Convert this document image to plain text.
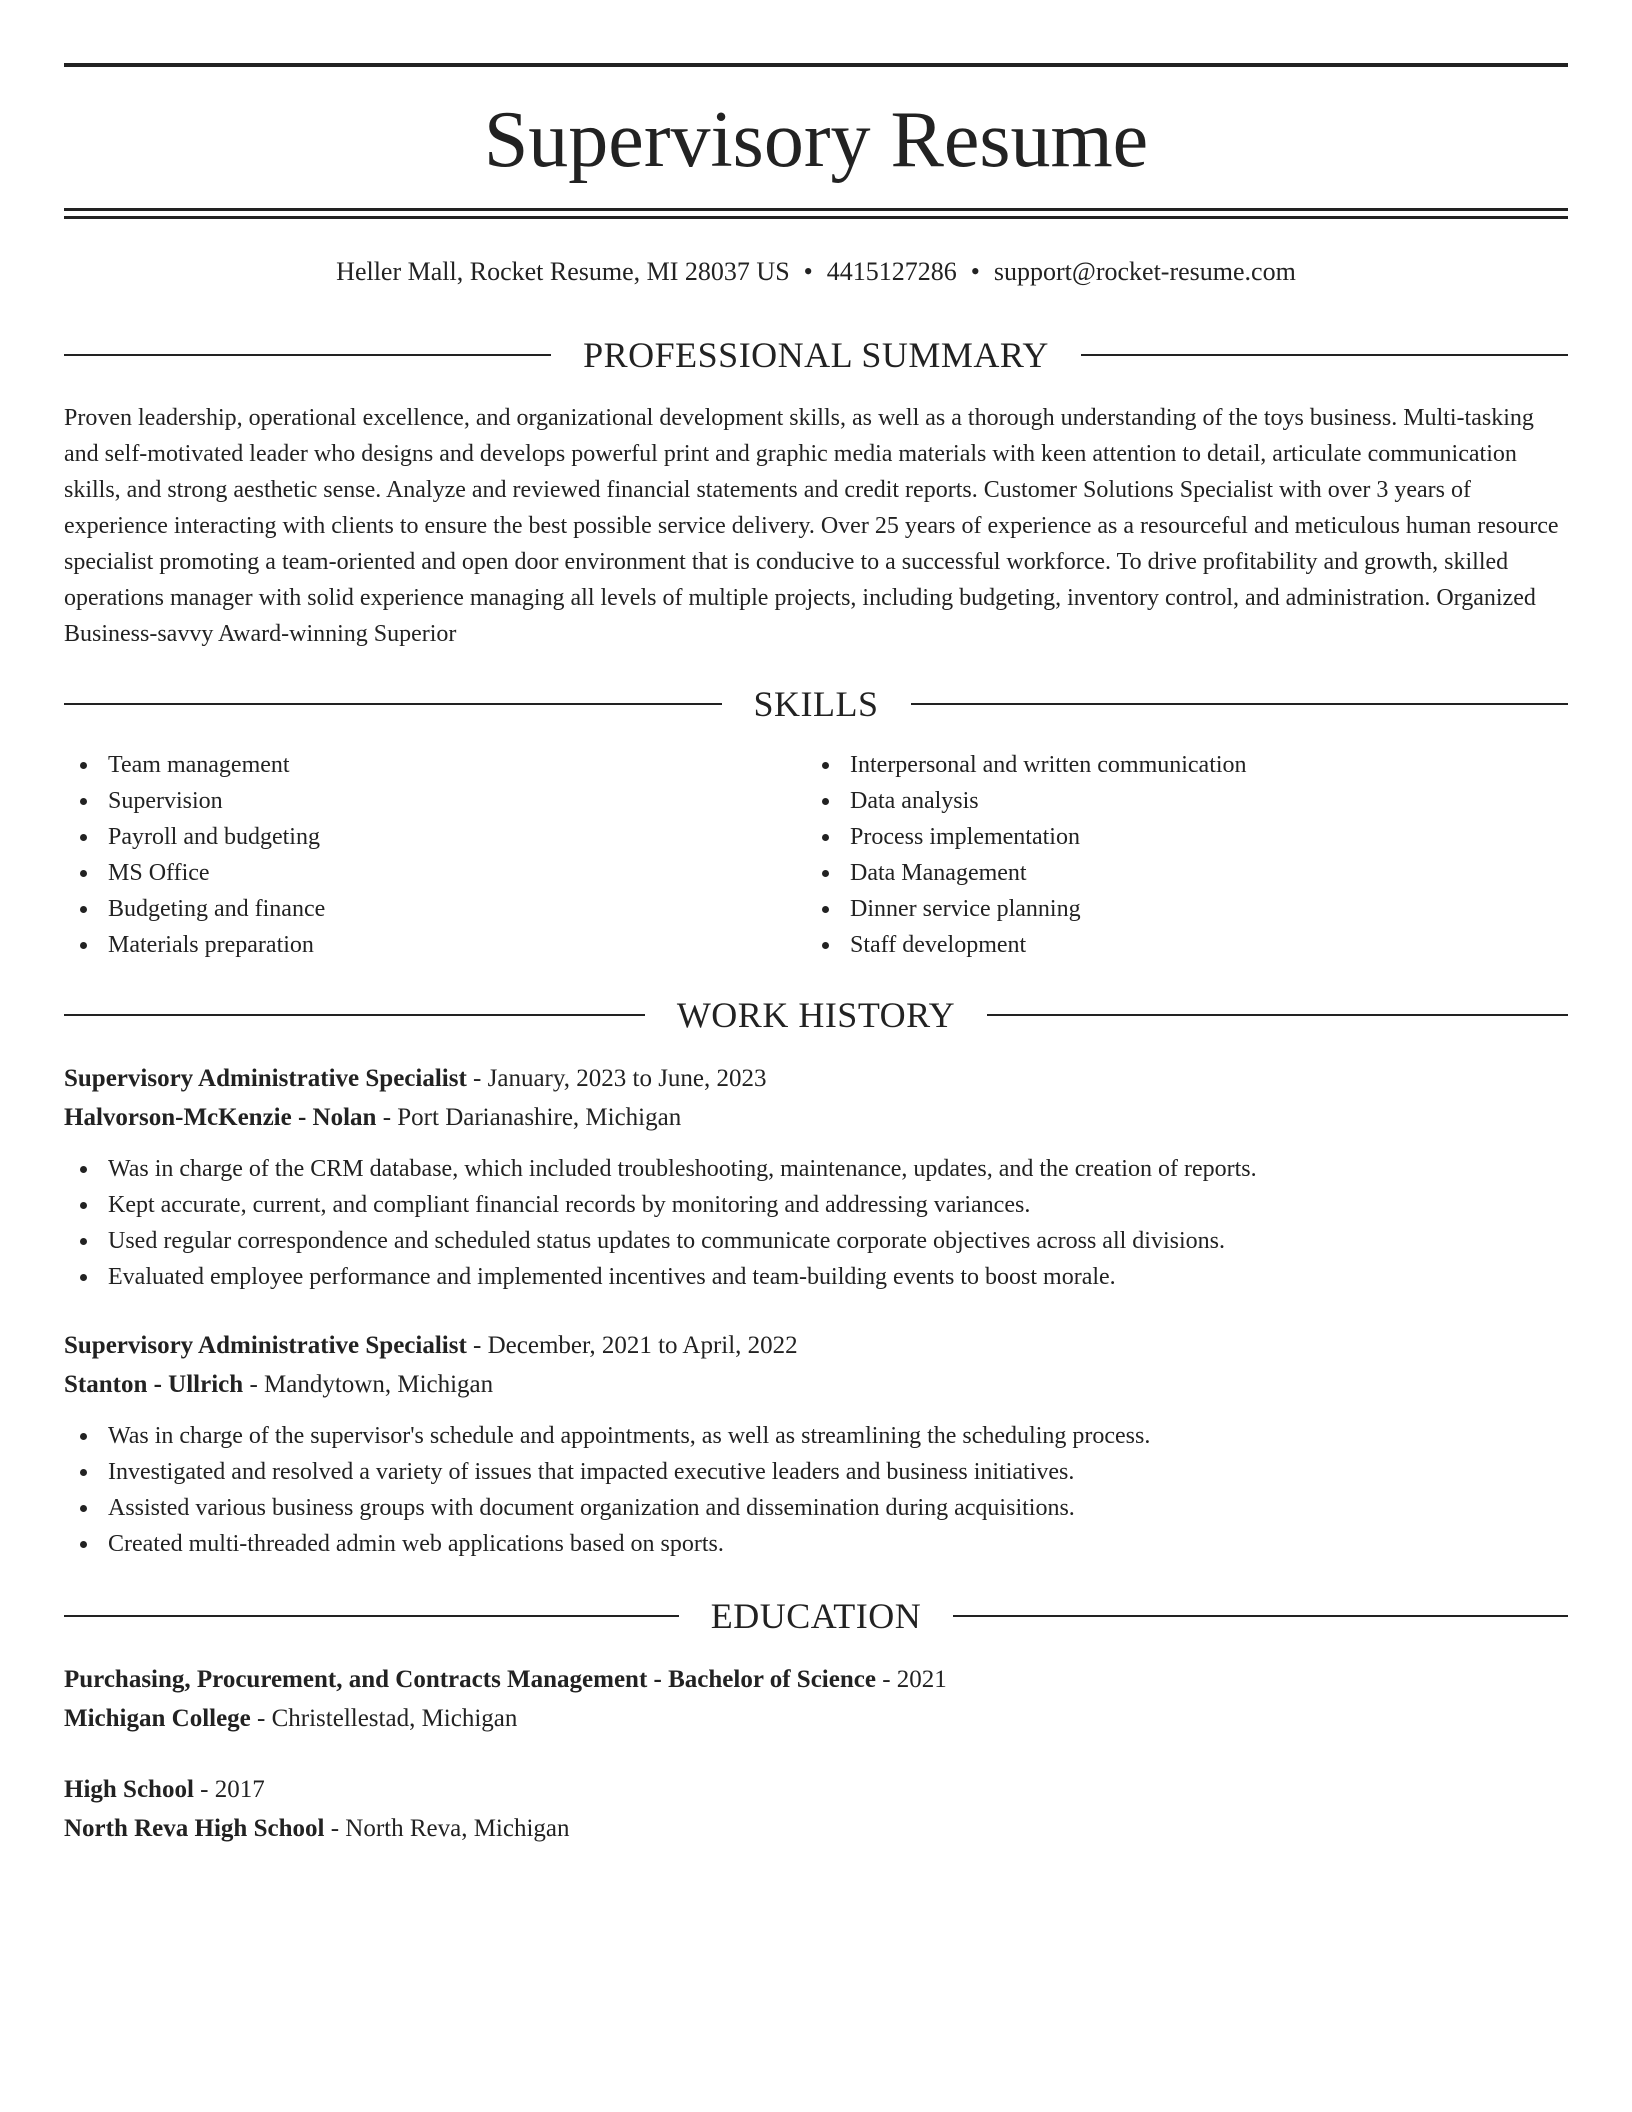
Supervisory Resume
Heller Mall, Rocket Resume, MI 28037 US • 4415127286 • support@rocket-resume.com
PROFESSIONAL SUMMARY

Proven leadership, operational excellence, and organizational development skills, as well as a thorough understanding of the toys business. Multi-tasking and self-motivated leader who designs and develops powerful print and graphic media materials with keen attention to detail, articulate communication skills, and strong aesthetic sense. Analyze and reviewed financial statements and credit reports. Customer Solutions Specialist with over 3 years of experience interacting with clients to ensure the best possible service delivery. Over 25 years of experience as a resourceful and meticulous human resource specialist promoting a team-oriented and open door environment that is conducive to a successful workforce. To drive profitability and growth, skilled operations manager with solid experience managing all levels of multiple projects, including budgeting, inventory control, and administration. Organized Business-savvy Award-winning Superior

SKILLS
Team management
Supervision
Payroll and budgeting
MS Office
Budgeting and finance
Materials preparation
Interpersonal and written communication
Data analysis
Process implementation
Data Management
Dinner service planning
Staff development
WORK HISTORY
Supervisory Administrative Specialist - January, 2023 to June, 2023
Halvorson-McKenzie - Nolan - Port Darianashire, Michigan
Was in charge of the CRM database, which included troubleshooting, maintenance, updates, and the creation of reports.
Kept accurate, current, and compliant financial records by monitoring and addressing variances.
Used regular correspondence and scheduled status updates to communicate corporate objectives across all divisions.
Evaluated employee performance and implemented incentives and team-building events to boost morale.
Supervisory Administrative Specialist - December, 2021 to April, 2022
Stanton - Ullrich - Mandytown, Michigan
Was in charge of the supervisor's schedule and appointments, as well as streamlining the scheduling process.
Investigated and resolved a variety of issues that impacted executive leaders and business initiatives.
Assisted various business groups with document organization and dissemination during acquisitions.
Created multi-threaded admin web applications based on sports.
EDUCATION
Purchasing, Procurement, and Contracts Management - Bachelor of Science - 2021
Michigan College - Christellestad, Michigan
High School - 2017
North Reva High School - North Reva, Michigan
